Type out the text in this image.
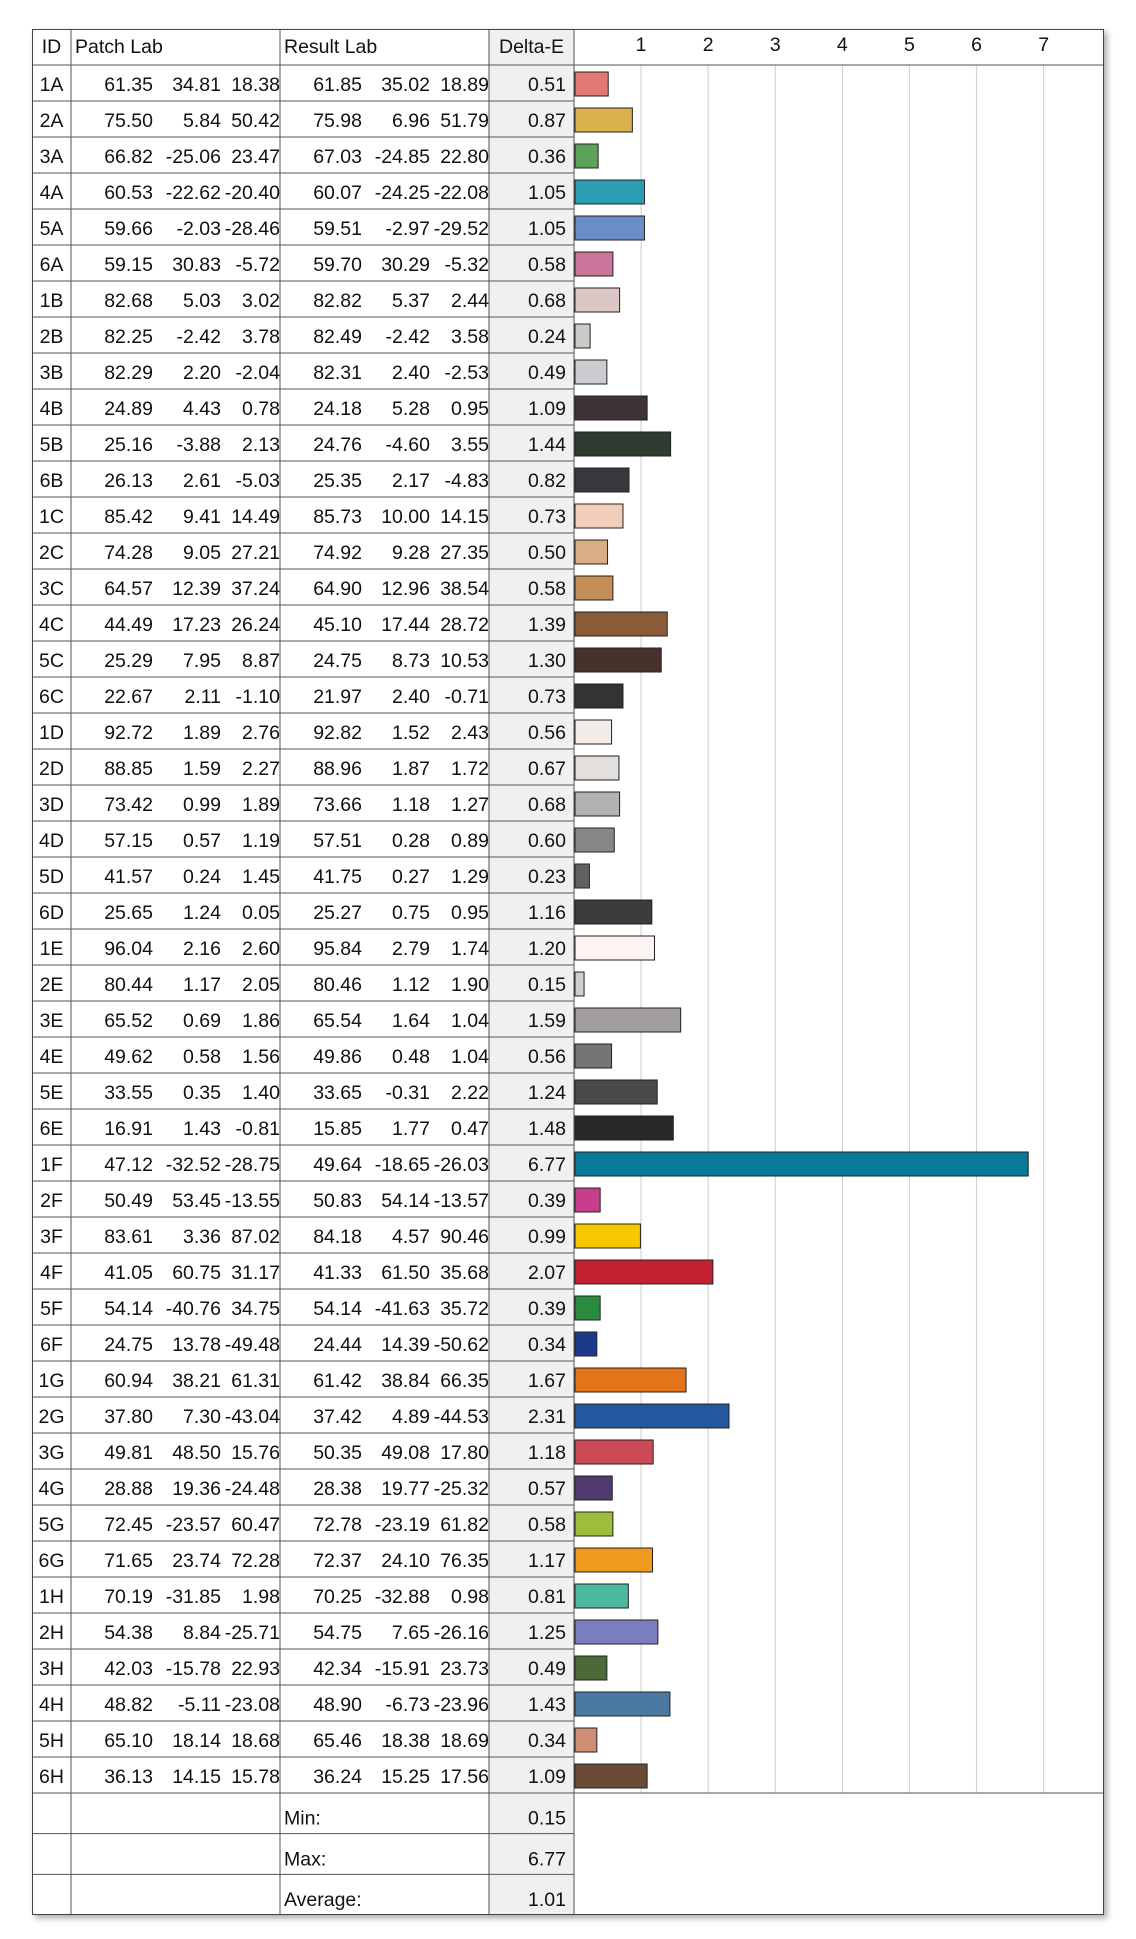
ID Patch Lab	Result Lab	Delta-E	1	2	3	4	5	6	7
1A 61.35 34.81 18.38 61.85 35.02 18.89 0.51
2A 75.50 5.84 50.42 75.98 6.96 51.79 0.87
3A 66.82 -25.06 23.47 67.03 -24.85 22.80 0.36
4A 60.53 -22.62 -20.40 60.07 -24.25 -22.08 1.05
5A 59.66 -2.03 -28.46 59.51 -2.97 -29.52 1.05
6A 59.15 30.83 -5.72 59.70 30.29 -5.32 0.58
1B 82.68 5.03 3.02 82.82 5.37 2.44 0.68
2B 82.25 -2.42 3.78 82.49 -2.42 3.58 0.24
3B 82.29 2.20 -2.04 82.31 2.40 -2.53 0.49
4B 24.89 4.43 0.78 24.18 5.28 0.95 1.09
5B 25.16 -3.88 2.13 24.76 -4.60 3.55 1.44
6B 26.13 2.61 -5.03 25.35 2.17 -4.83 0.82
1C 85.42 9.41 14.49 85.73 10.00 14.15 0.73
2C 74.28 9.05 27.21 74.92 9.28 27.35 0.50
3C 64.57 12.39 37.24 64.90 12.96 38.54 0.58
4C 44.49 17.23 26.24 45.10 17.44 28.72 1.39
5C 25.29 7.95 8.87 24.75 8.73 10.53 1.30
6C 22.67 2.11 -1.10 21.97 2.40 -0.71 0.73
1D 92.72 1.89 2.76 92.82 1.52 2.43 0.56
2D 88.85 1.59 2.27 88.96 1.87 1.72 0.67
3D 73.42 0.99 1.89 73.66 1.18 1.27 0.68
4D 57.15 0.57 1.19 57.51 0.28 0.89 0.60
5D 41.57 0.24 1.45 41.75 0.27 1.29 0.23
6D 25.65 1.24 0.05 25.27 0.75 0.95 1.16
1E 96.04 2.16 2.60 95.84 2.79 1.74 1.20
2E 80.44 1.17 2.05 80.46 1.12 1.90 0.15
3E 65.52 0.69 1.86 65.54 1.64 1.04 1.59
4E 49.62 0.58 1.56 49.86 0.48 1.04 0.56
5E 33.55 0.35 1.40 33.65 -0.31 2.22 1.24
6E 16.91 1.43 -0.81 15.85 1.77 0.47 1.48
1F 47.12 -32.52 -28.75 49.64 -18.65 -26.03 6.77
2F 50.49 53.45 -13.55 50.83 54.14 -13.57 0.39
3F 83.61 3.36 87.02 84.18 4.57 90.46 0.99
4F 41.05 60.75 31.17 41.33 61.50 35.68 2.07
5F 54.14 -40.76 34.75 54.14 -41.63 35.72 0.39
6F 24.75 13.78 -49.48 24.44 14.39 -50.62 0.34
1G 60.94 38.21 61.31 61.42 38.84 66.35 1.67
2G 37.80 7.30 -43.04 37.42 4.89 -44.53 2.31
3G 49.81 48.50 15.76 50.35 49.08 17.80 1.18
4G 28.88 19.36 -24.48 28.38 19.77 -25.32 0.57
5G 72.45 -23.57 60.47 72.78 -23.19 61.82 0.58
6G 71.65 23.74 72.28 72.37 24.10 76.35 1.17
1H 70.19 -31.85 1.98 70.25 -32.88 0.98 0.81
2H 54.38 8.84 -25.71 54.75 7.65 -26.16 1.25
3H 42.03 -15.78 22.93 42.34 -15.91 23.73 0.49
4H 48.82 -5.11 -23.08 48.90 -6.73 -23.96 1.43
5H 65.10 18.14 18.68 65.46 18.38 18.69 0.34
6H 36.13 14.15 15.78 36.24 15.25 17.56 1.09
Min:	0.15
Max:	6.77
Average:	1.01
